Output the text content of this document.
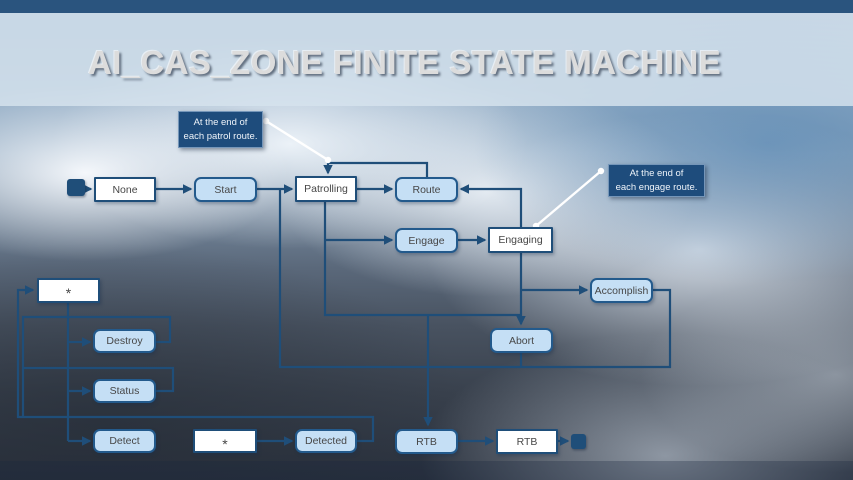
AI_CAS_ZONE FINITE STATE MACHINE
None	Start	Patrolling	Route
Engage	Engaging
Accomplish
Abort
*
Destroy
Status
Detect	*	Detected	RTB	RTB
At the end of
each patrol route.
At the end of
each engage route.
